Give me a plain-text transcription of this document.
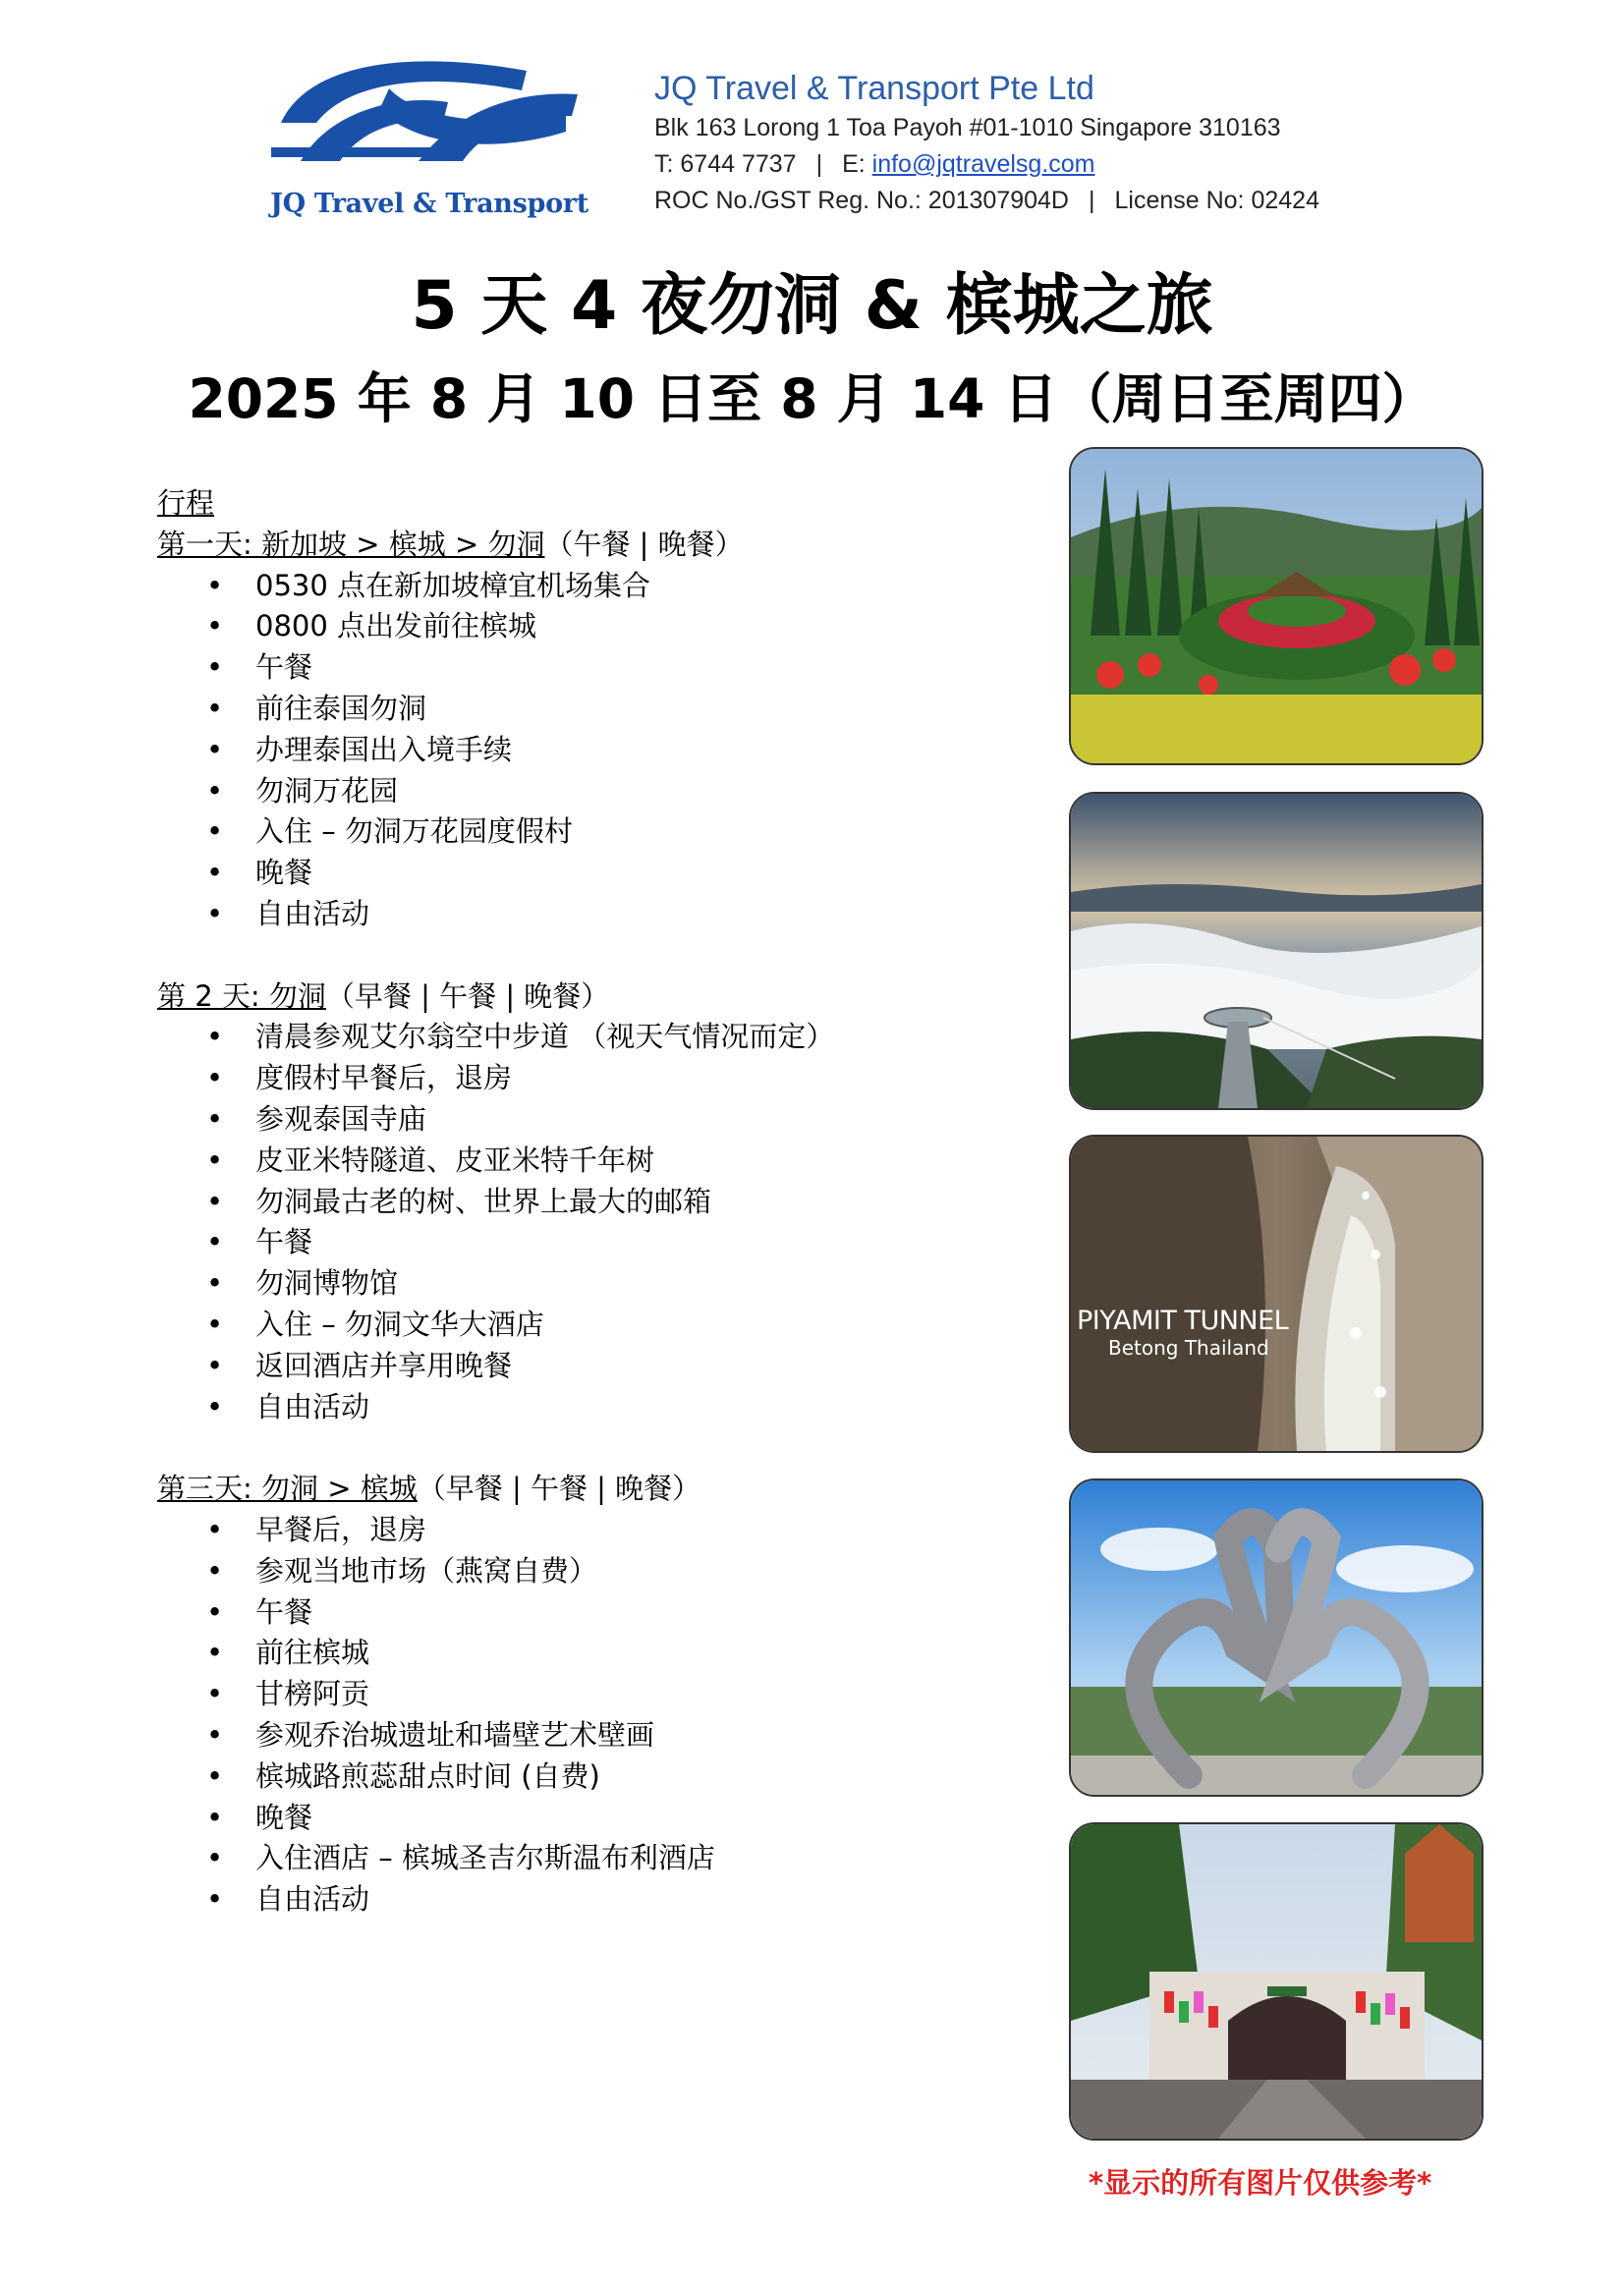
JQ Travel & Transport
JQ Travel & Transport Pte Ltd
Blk 163 Lorong 1 Toa Payoh #01-1010 Singapore 310163
T: 6744 7737 | E: info@jqtravelsg.com
ROC No./GST Reg. No.: 201307904D | License No: 02424
5 天 4 夜勿洞 & 槟城之旅
2025 年 8 月 10 日至 8 月 14 日（周日至周四）
行程
第一天: 新加坡 > 槟城 > 勿洞（午餐 | 晚餐）
• 0530 点在新加坡樟宜机场集合
• 0800 点出发前往槟城
• 午餐
• 前往泰国勿洞
• 办理泰国出入境手续
• 勿洞万花园
• 入住 – 勿洞万花园度假村
• 晚餐
• 自由活动
第 2 天: 勿洞（早餐 | 午餐 | 晚餐）
• 清晨参观艾尔翁空中步道 （视天气情况而定）
• 度假村早餐后，退房
• 参观泰国寺庙
• 皮亚米特隧道、皮亚米特千年树
• 勿洞最古老的树、世界上最大的邮箱
• 午餐
• 勿洞博物馆
• 入住 – 勿洞文华大酒店
• 返回酒店并享用晚餐
• 自由活动
第三天: 勿洞 > 槟城（早餐 | 午餐 | 晚餐）
• 早餐后，退房
• 参观当地市场（燕窝自费）
• 午餐
• 前往槟城
• 甘榜阿贡
• 参观乔治城遗址和墙壁艺术壁画
• 槟城路煎蕊甜点时间 (自费)
• 晚餐
• 入住酒店 – 槟城圣吉尔斯温布利酒店
• 自由活动
PIYAMIT TUNNEL
Betong Thailand
*显示的所有图片仅供参考*
